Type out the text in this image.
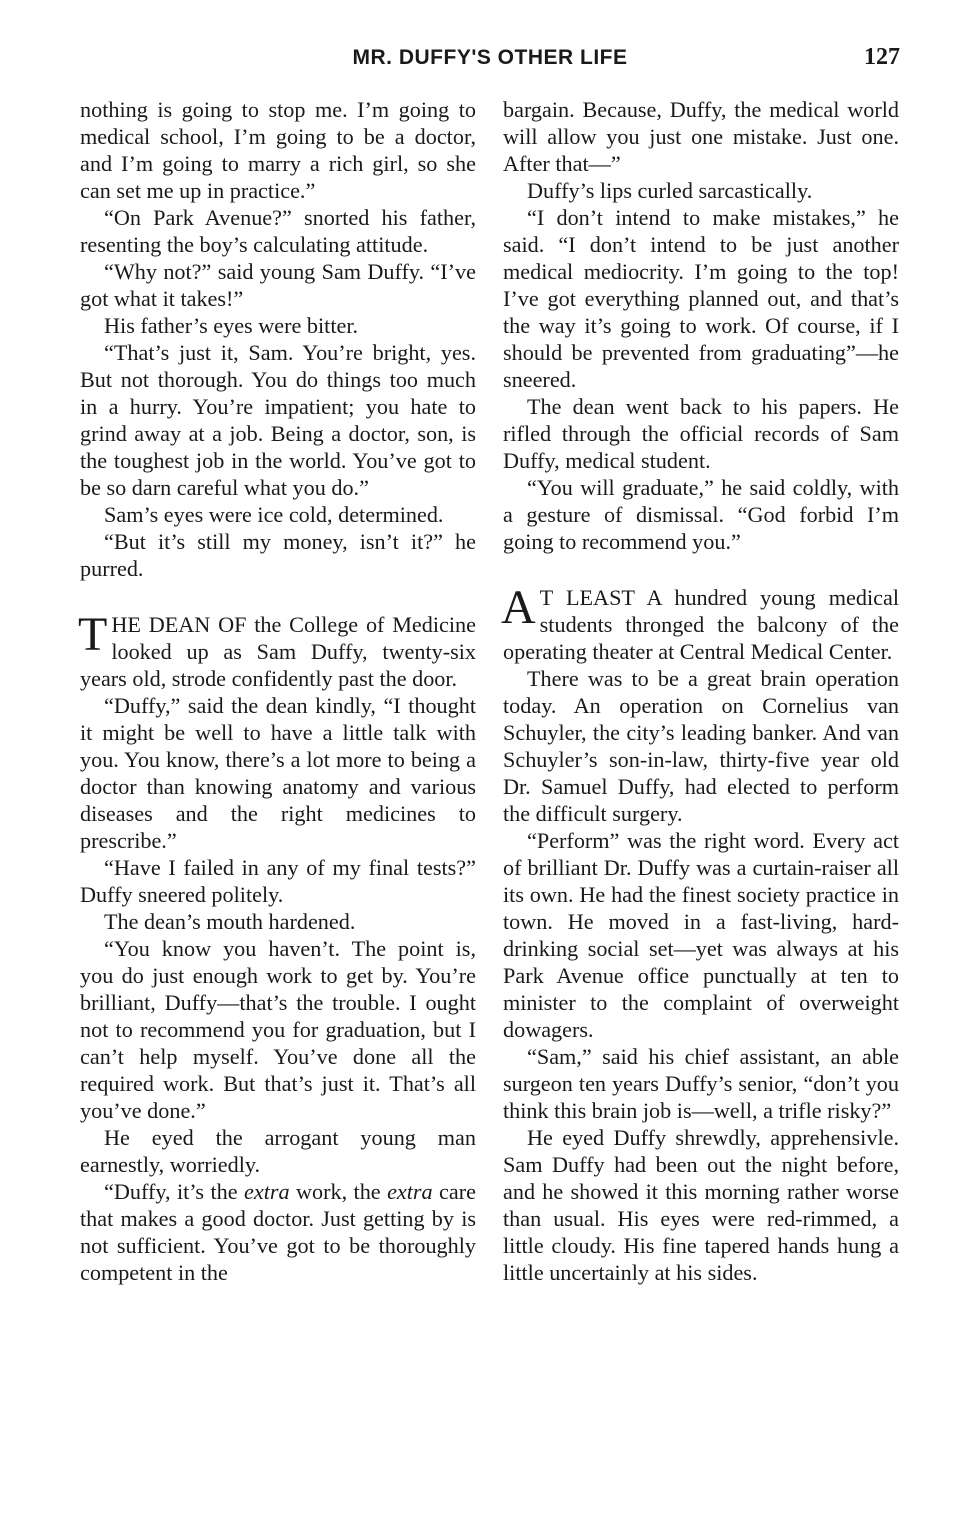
MR. DUFFY'S OTHER LIFE	127

nothing is going to stop me. I’m going to medical school, I’m going to be a doctor, and I’m going to marry a rich girl, so she can set me up in practice.”

“On Park Avenue?” snorted his father, resenting the boy’s calculating attitude.

“Why not?” said young Sam Duffy. “I’ve got what it takes!”

His father’s eyes were bitter.

“That’s just it, Sam. You’re bright, yes. But not thorough. You do things too much in a hurry. You’re impatient; you hate to grind away at a job. Being a doctor, son, is the toughest job in the world. You’ve got to be so darn careful what you do.”

Sam’s eyes were ice cold, determined.

“But it’s still my money, isn’t it?” he purred.

THE DEAN OF the College of Medicine looked up as Sam Duffy, twenty-six years old, strode confidently past the door.

“Duffy,” said the dean kindly, “I thought it might be well to have a little talk with you. You know, there’s a lot more to being a doctor than knowing anatomy and various diseases and the right medicines to prescribe.”

“Have I failed in any of my final tests?” Duffy sneered politely.

The dean’s mouth hardened.

“You know you haven’t. The point is, you do just enough work to get by. You’re brilliant, Duffy—that’s the trouble. I ought not to recommend you for graduation, but I can’t help myself. You’ve done all the required work. But that’s just it. That’s all you’ve done.”

He eyed the arrogant young man earnestly, worriedly.

“Duffy, it’s the extra work, the extra care that makes a good doctor. Just getting by is not sufficient. You’ve got to be thoroughly competent in the

bargain. Because, Duffy, the medical world will allow you just one mistake. Just one. After that—”

Duffy’s lips curled sarcastically.

“I don’t intend to make mistakes,” he said. “I don’t intend to be just another medical mediocrity. I’m going to the top! I’ve got everything planned out, and that’s the way it’s going to work. Of course, if I should be prevented from graduating”—he sneered.

The dean went back to his papers. He rifled through the official records of Sam Duffy, medical student.

“You will graduate,” he said coldly, with a gesture of dismissal. “God forbid I’m going to recommend you.”

A T LEAST A hundred young medical students thronged the balcony of the operating theater at Central Medical Center.

There was to be a great brain operation today. An operation on Cornelius van Schuyler, the city’s leading banker. And van Schuyler’s son-in-law, thirty-five year old Dr. Samuel Duffy, had elected to perform the difficult surgery.

“Perform” was the right word. Every act of brilliant Dr. Duffy was a curtain-raiser all its own. He had the finest society practice in town. He moved in a fast-living, hard-drinking social set—yet was always at his Park Avenue office punctually at ten to minister to the complaint of overweight dowagers.

“Sam,” said his chief assistant, an able surgeon ten years Duffy’s senior, “don’t you think this brain job is—well, a trifle risky?”

He eyed Duffy shrewdly, apprehensivle. Sam Duffy had been out the night before, and he showed it this morning rather worse than usual. His eyes were red-rimmed, a little cloudy. His fine tapered hands hung a little uncertainly at his sides.
